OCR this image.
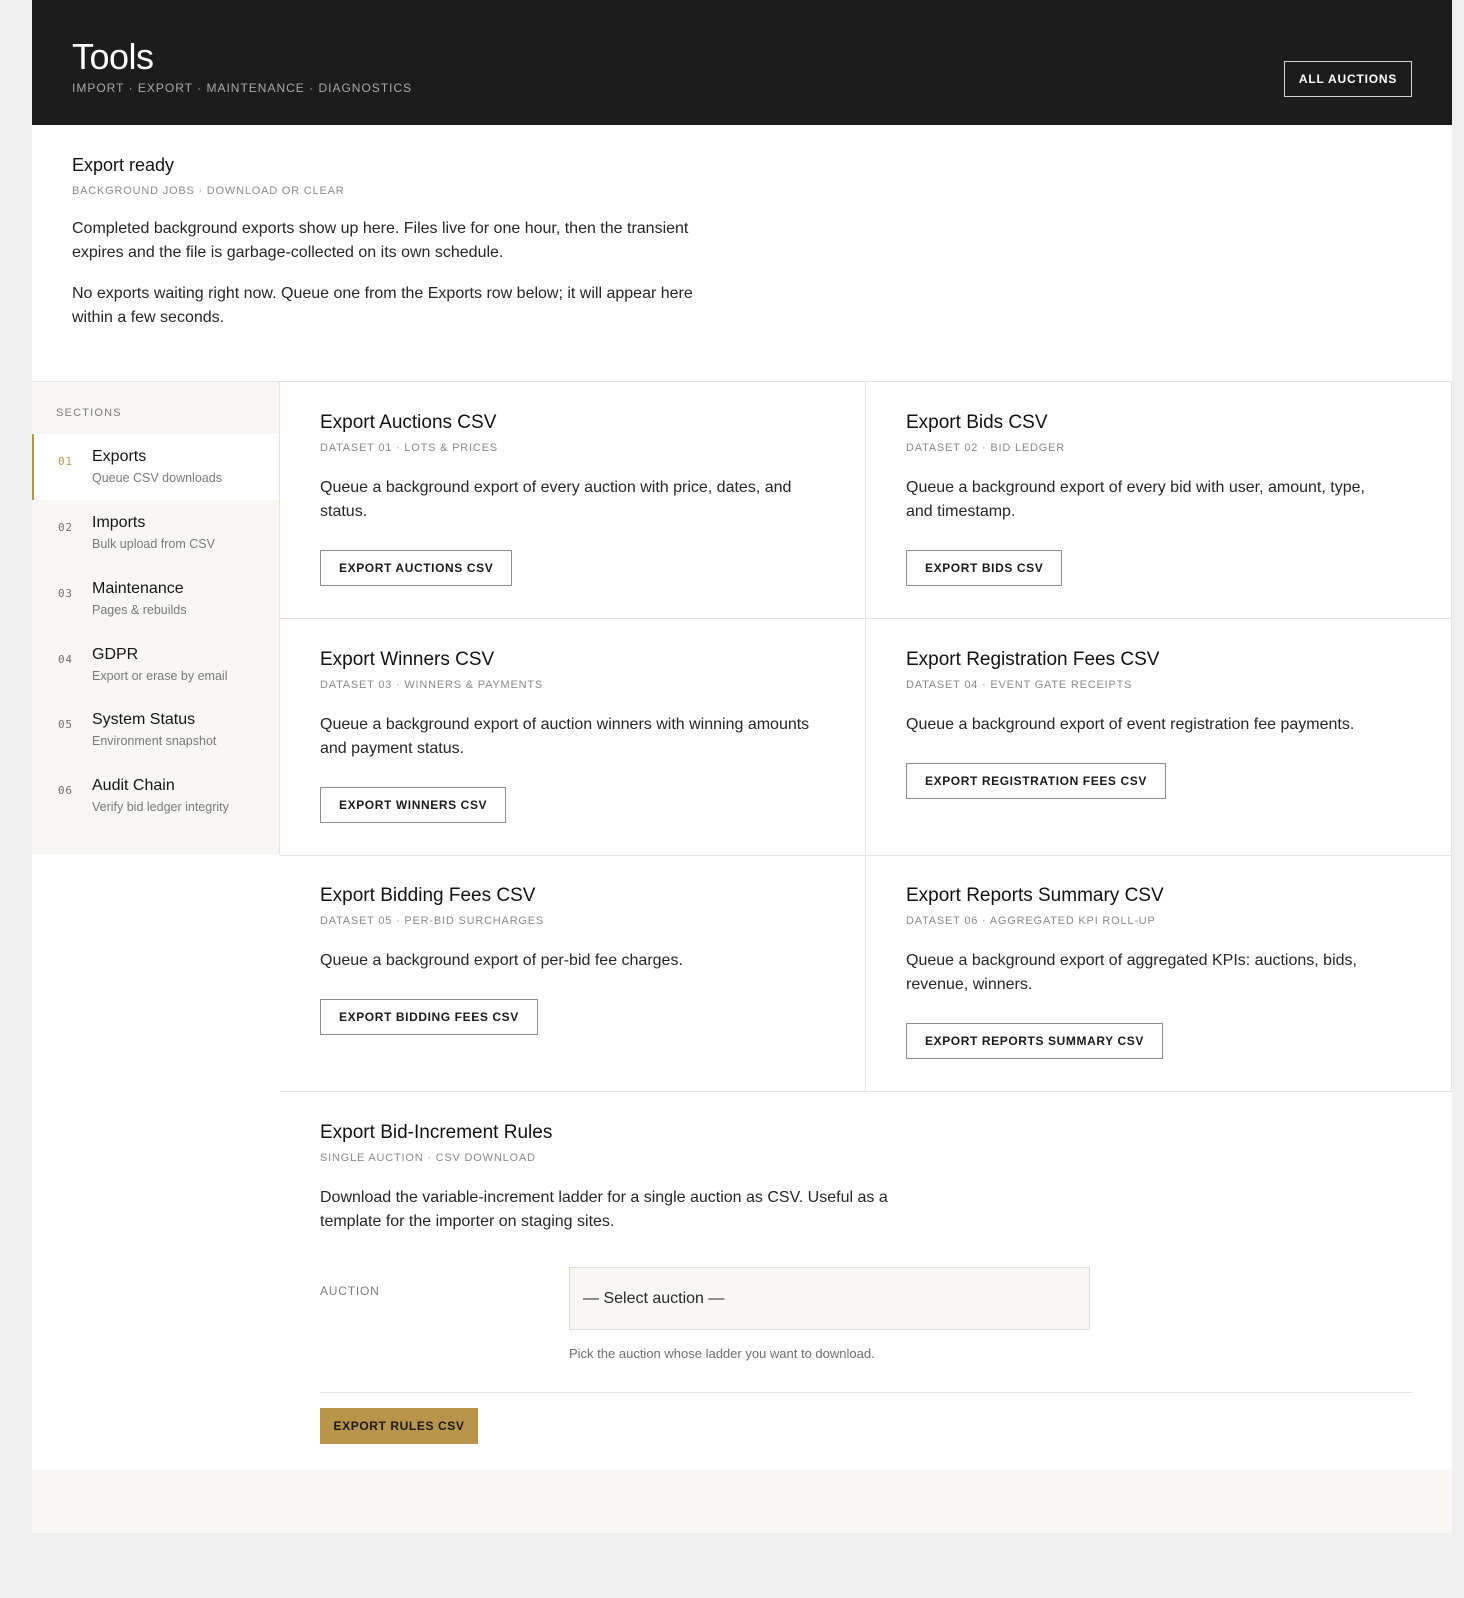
Tools
IMPORT · EXPORT · MAINTENANCE · DIAGNOSTICS
ALL AUCTIONS
Export ready
BACKGROUND JOBS · DOWNLOAD OR CLEAR

Completed background exports show up here. Files live for one hour, then the transient expires and the file is garbage-collected on its own schedule.

No exports waiting right now. Queue one from the Exports row below; it will appear here within a few seconds.

SECTIONS
01 Exports
Queue CSV downloads
02 Imports
Bulk upload from CSV
03 Maintenance
Pages & rebuilds
04 GDPR
Export or erase by email
05 System Status
Environment snapshot
06 Audit Chain
Verify bid ledger integrity
Export Auctions CSV
DATASET 01 · LOTS & PRICES

Queue a background export of every auction with price, dates, and status.

EXPORT AUCTIONS CSV
Export Bids CSV
DATASET 02 · BID LEDGER

Queue a background export of every bid with user, amount, type, and timestamp.

EXPORT BIDS CSV
Export Winners CSV
DATASET 03 · WINNERS & PAYMENTS

Queue a background export of auction winners with winning amounts and payment status.

EXPORT WINNERS CSV
Export Registration Fees CSV
DATASET 04 · EVENT GATE RECEIPTS

Queue a background export of event registration fee payments.

EXPORT REGISTRATION FEES CSV
Export Bidding Fees CSV
DATASET 05 · PER-BID SURCHARGES

Queue a background export of per-bid fee charges.

EXPORT BIDDING FEES CSV
Export Reports Summary CSV
DATASET 06 · AGGREGATED KPI ROLL-UP

Queue a background export of aggregated KPIs: auctions, bids, revenue, winners.

EXPORT REPORTS SUMMARY CSV
Export Bid-Increment Rules
SINGLE AUCTION · CSV DOWNLOAD

Download the variable-increment ladder for a single auction as CSV. Useful as a template for the importer on staging sites.

AUCTION	— Select auction —
Pick the auction whose ladder you want to download.
EXPORT RULES CSV
